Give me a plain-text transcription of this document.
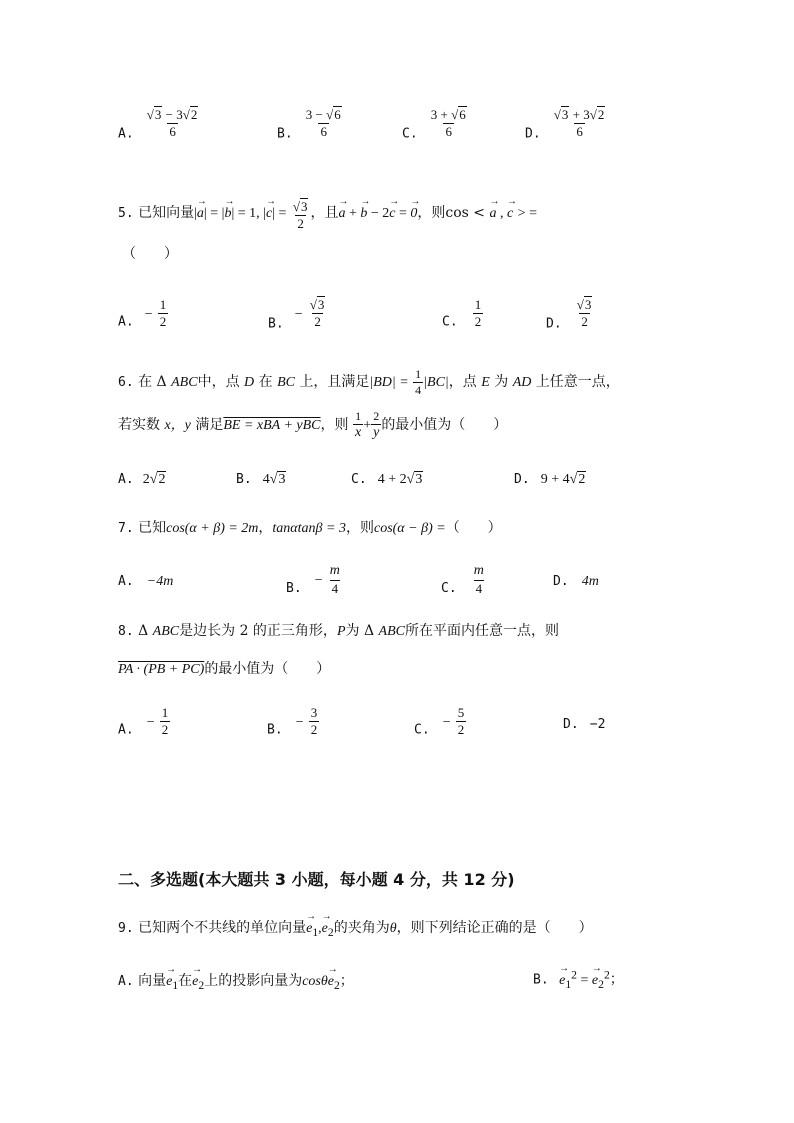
$_{A.} \frac{√3 - 3√2}{6}$	$_{B.} \frac{3 - √6}{6}$	$_{C.} \frac{3 + √6}{6}$	$_{D.} \frac{√3 + 3√2}{6}$
5. 已知向量|→ a| = |→ b| = 1, |→ $c| = \frac{√3}{2}$ ，且→ a + → b − 2→ c = → 0，则cos < → a , → c > =
（　　）
$_{A.} - \frac{1}{2}$	$_{B.} - \frac{√3}{2}$	$_{C.} \frac{1}{2}$	$_{D.} \frac{√3}{2}$
6. 在 Δ ABC中，点 D 在 BC 上，且满足$|BD| = \frac{1}{4} |BC|$，点 E 为 AD 上任意一点，
若实数 x，y 满足BE = xBA + yBC，则 $\frac{1}{x} + \frac{2}{y}$ 的最小值为（　　）
A. 2√2	B. 4√3	C. 4 + 2√3	D. 9 + 4√2
7. 已知cos(α + β) = 2m，tanαtanβ = 3，则cos(α − β) =（　　）
A. −4m	$_{B.} - \frac{m}{4}$	$_{C.} \frac{m}{4}$	D. 4m
8. Δ ABC是边长为 2 的正三角形，P为 Δ ABC所在平面内任意一点，则
PA · (PB + PC)的最小值为（　　）
$_{A.} - \frac{1}{2}$	$_{B.} - \frac{3}{2}$	$_{C.} - \frac{5}{2}$	D. −2
二、多选题(本大题共 3 小题，每小题 4 分，共 12 分)
9. 已知两个不共线的单位向量→ $e_1,\to e_2$的夹角为θ，则下列结论正确的是（　　）
A. 向量→ $e_1$在→ $e_2$上的投影向量为$\cos\theta\to e_2$；	B. → $e_1^2$ = → $e_2^2$；
